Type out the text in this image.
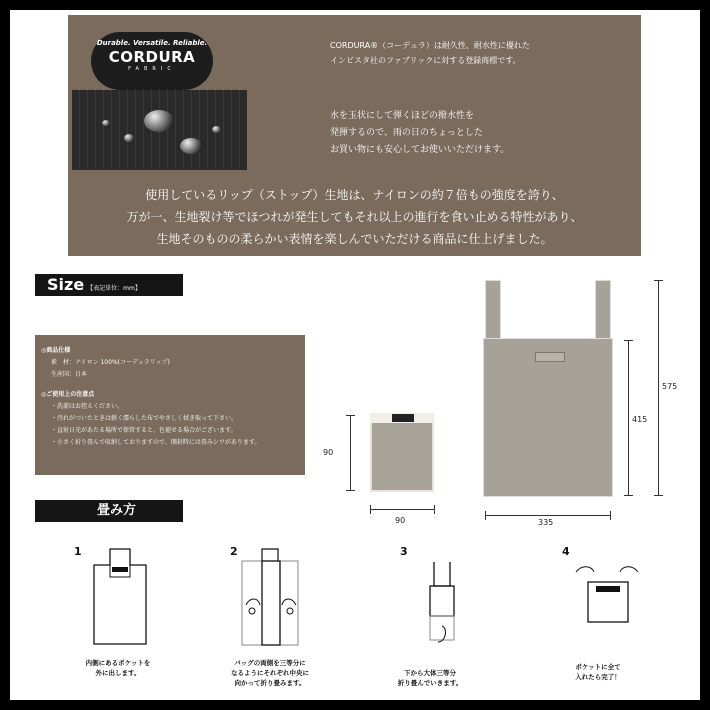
Durable. Versatile. Reliable.
CORDURA
FABRIC
CORDURA®（コーデュラ）は耐久性、耐水性に優れた
インビスタ社のファブリックに対する登録商標です。
水を玉状にして弾くほどの撥水性を
発揮するので、雨の日のちょっとした
お買い物にも安心してお使いいただけます。
使用しているリップ（ストップ）生地は、ナイロンの約７倍もの強度を誇り、
万が一、生地裂け等でほつれが発生してもそれ以上の進行を食い止める特性があり、
生地そのものの柔らかい表情を楽しんでいただける商品に仕上げました。
Size 【表記単位：mm】
◎商品仕様
素　材：ナイロン 100%(コーデュラリップ)
生産国：日本
◎ご使用上の注意点
・洗濯はお控えください。
・汚れがついたときは軽く濡らした布でやさしく拭き取って下さい。
・直射日光があたる場所で保管すると、色褪せる場合がございます。
・小さく折り畳んで収納しておりますので、開封時には畳みシワがあります。
90
90	335
415
575
畳み方
1
内側にあるポケットを
外に出します。
2
バッグの両側を三等分に
なるようにそれぞれ中央に
向かって折り畳みます。
3
下から大体三等分
折り畳んでいきます。
4
ポケットに全て
入れたら完了！
